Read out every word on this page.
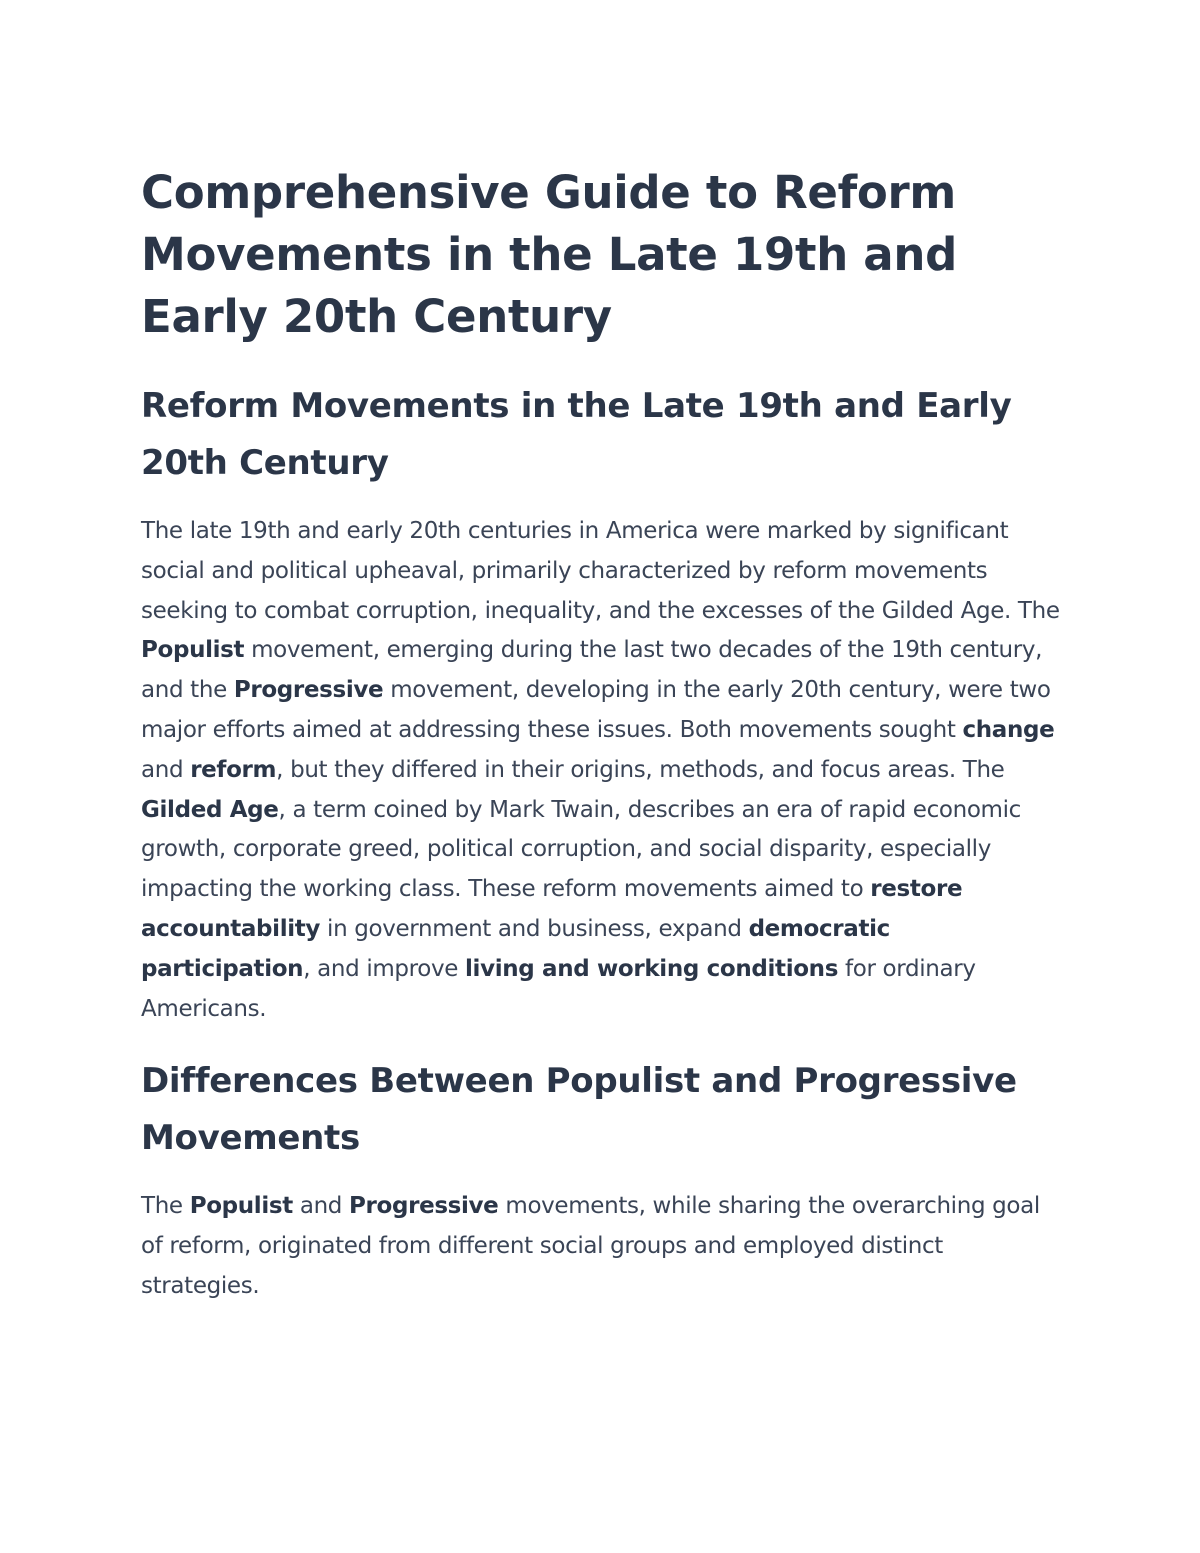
Comprehensive Guide to Reform Movements in the Late 19th and Early 20th Century
Reform Movements in the Late 19th and Early 20th Century

The late 19th and early 20th centuries in America were marked by significant social and political upheaval, primarily characterized by reform movements seeking to combat corruption, inequality, and the excesses of the Gilded Age. The Populist movement, emerging during the last two decades of the 19th century, and the Progressive movement, developing in the early 20th century, were two major efforts aimed at addressing these issues. Both movements sought change and reform, but they differed in their origins, methods, and focus areas. The Gilded Age, a term coined by Mark Twain, describes an era of rapid economic growth, corporate greed, political corruption, and social disparity, especially impacting the working class. These reform movements aimed to restore accountability in government and business, expand democratic participation, and improve living and working conditions for ordinary Americans.

Differences Between Populist and Progressive Movements

The Populist and Progressive movements, while sharing the overarching goal of reform, originated from different social groups and employed distinct strategies.
